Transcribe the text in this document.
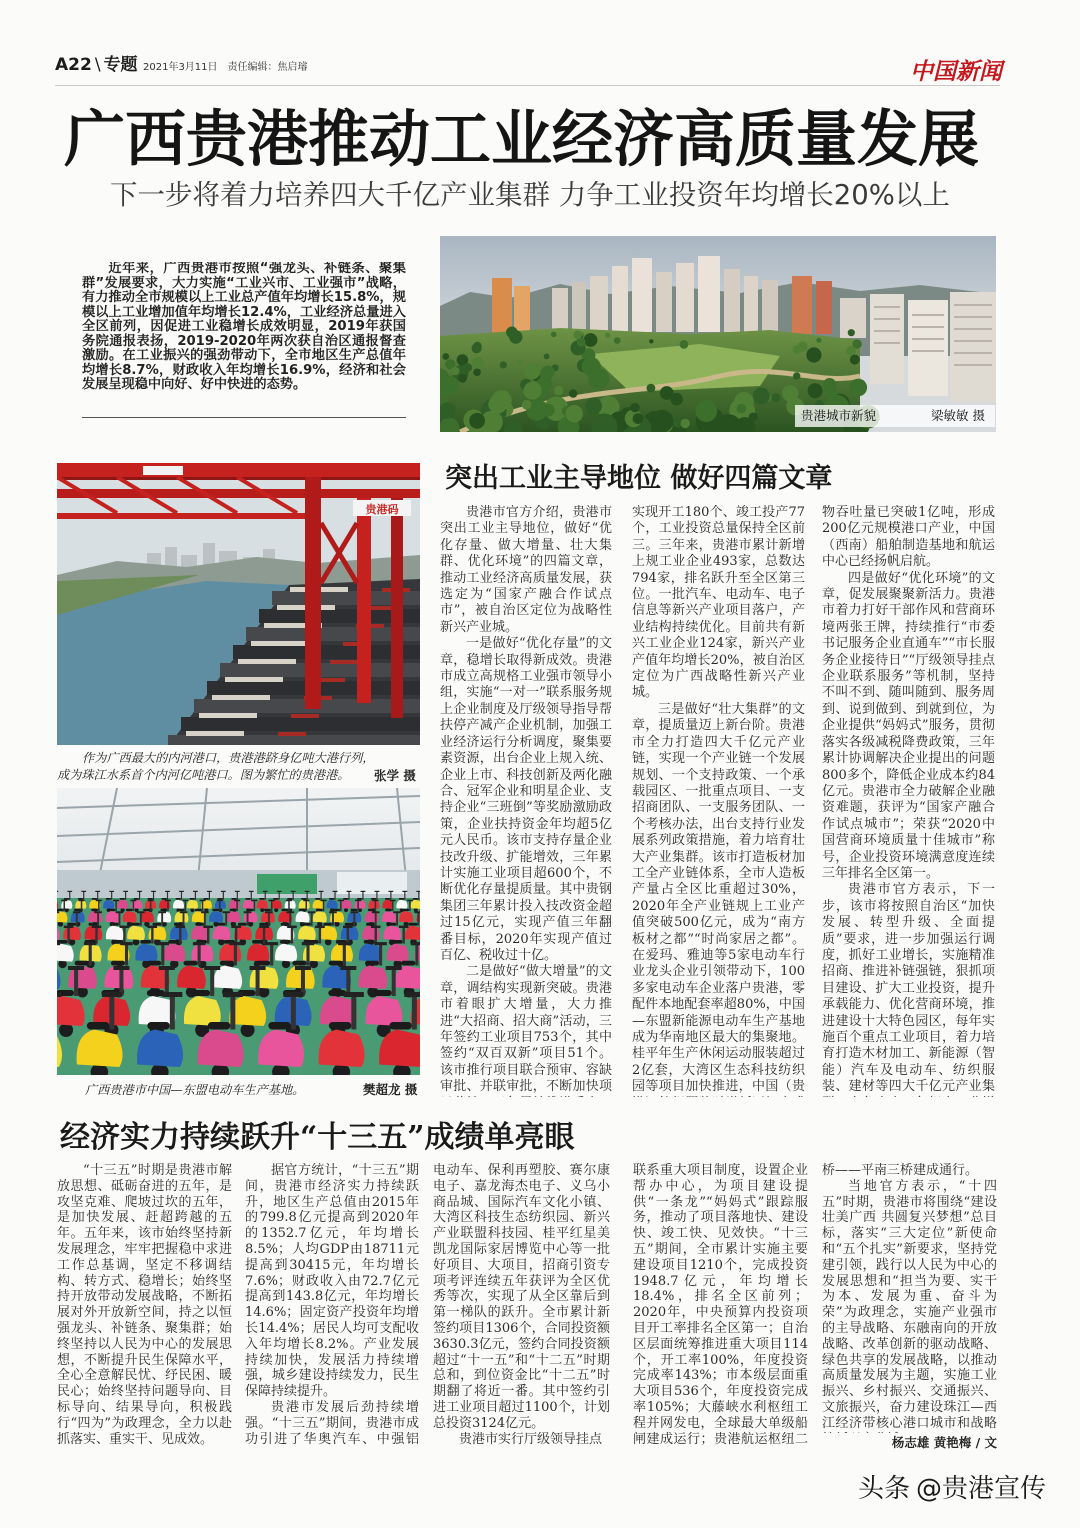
A22 \ 专题 2021年3月11日 责任编辑：焦启璿	中国新闻
广西贵港推动工业经济高质量发展
下一步将着力培养四大千亿产业集群 力争工业投资年均增长20%以上
近年来，广西贵港市按照“强龙头、补链条、聚集群”发展要求，大力实施“工业兴市、工业强市”战略，有力推动全市规模以上工业总产值年均增长15.8%，规模以上工业增加值年均增长12.4%，工业经济总量进入全区前列，因促进工业稳增长成效明显，2019年获国务院通报表扬，2019-2020年两次获自治区通报督查激励。在工业振兴的强劲带动下，全市地区生产总值年均增长8.7%，财政收入年均增长16.9%，经济和社会发展呈现稳中向好、好中快进的态势。
贵港城市新貌	梁敏敏 摄
贵港码
作为广西最大的内河港口，贵港港跻身亿吨大港行列，成为珠江水系首个内河亿吨港口。图为繁忙的贵港港。	张学 摄
广西贵港市中国—东盟电动车生产基地。	樊超龙 摄
突出工业主导地位 做好四篇文章

贵港市官方介绍，贵港市突出工业主导地位，做好“优化存量、做大增量、壮大集群、优化环境”的四篇文章，推动工业经济高质量发展，获选定为“国家产融合作试点市”，被自治区定位为战略性新兴产业城。

一是做好“优化存量”的文章，稳增长取得新成效。贵港市成立高规格工业强市领导小组，实施“一对一”联系服务规上企业制度及厅级领导指导帮扶停产减产企业机制，加强工业经济运行分析调度，聚集要素资源，出台企业上规入统、企业上市、科技创新及两化融合、冠军企业和明星企业、支持企业“三班倒”等奖励激励政策，企业扶持资金年均超5亿元人民币。该市支持存量企业技改升级、扩能增效，三年累计实施工业项目超600个，不断优化存量提质量。其中贵钢集团三年累计投入技改资金超过15亿元，实现产值三年翻番目标，2020年实现产值过百亿、税收过十亿。

二是做好“做大增量”的文章，调结构实现新突破。贵港市着眼扩大增量，大力推进“大招商、招大商”活动，三年签约工业项目753个，其中签约“双百双新”项目51个。该市推行项目联合预审、容缺审批、并联审批，不断加快项

实现开工180个、竣工投产77个，工业投资总量保持全区前三。三年来，贵港市累计新增上规工业企业493家，总数达794家，排名跃升至全区第三位。一批汽车、电动车、电子信息等新兴产业项目落户，产业结构持续优化。目前共有新兴工业企业124家，新兴产业产值年均增长20%，被自治区定位为广西战略性新兴产业城。

三是做好“壮大集群”的文章，提质量迈上新台阶。贵港市全力打造四大千亿元产业链，实现一个产业链一个发展规划、一个支持政策、一个承载园区、一批重点项目、一支招商团队、一支服务团队、一个考核办法，出台支持行业发展系列政策措施，着力培育壮大产业集群。该市打造板材加工全产业链体系，全市人造板产量占全区比重超过30%，2020年全产业链规上工业产值突破500亿元，成为“南方板材之都”“时尚家居之都”。在爱玛、雅迪等5家电动车行业龙头企业引领带动下，100多家电动车企业落户贵港，零配件本地配套率超80%，中国—东盟新能源电动车生产基地成为华南地区最大的集聚地。桂平年生产休闲运动服装超过2亿套，大湾区生态科技纺织园等项目加快推进，中国（贵

物吞吐量已突破1亿吨，形成200亿元规模港口产业，中国（西南）船舶制造基地和航运中心已经扬帆启航。

四是做好“优化环境”的文章，促发展聚聚新活力。贵港市着力打好干部作风和营商环境两张王牌，持续推行“市委书记服务企业直通车”“市长服务企业接待日”“厅级领导挂点企业联系服务”等机制，坚持不叫不到、随叫随到、服务周到、说到做到、到就到位，为企业提供“妈妈式”服务，贯彻落实各级减税降费政策，三年累计协调解决企业提出的问题800多个，降低企业成本约84亿元。贵港市全力破解企业融资难题，获评为“国家产融合作试点城市”；荣获“2020中国营商环境质量十佳城市”称号，企业投资环境满意度连续三年排名全区第一。

贵港市官方表示，下一步，该市将按照自治区“加快发展、转型升级、全面提质”要求，进一步加强运行调度，抓好工业增长，实施精准招商、推进补链强链，狠抓项目建设、扩大工业投资，提升承载能力、优化营商环境，推进建设十大特色园区，每年实施百个重点工业项目，着力培育打造木材加工、新能源（智能）汽车及电动车、纺织服装、建材等四大千亿元产业集

经济实力持续跃升“十三五”成绩单亮眼

“十三五”时期是贵港市解放思想、砥砺奋进的五年，是攻坚克难、爬坡过坎的五年，是加快发展、赶超跨越的五年。五年来，该市始终坚持新发展理念，牢牢把握稳中求进工作总基调，坚定不移调结构、转方式、稳增长；始终坚持开放带动发展战略，不断拓展对外开放新空间，持之以恒强龙头、补链条、聚集群；始终坚持以人民为中心的发展思想，不断提升民生保障水平，全心全意解民忧、纾民困、暖民心；始终坚持问题导向、目标导向、结果导向，积极践行“四为”为政理念，全力以赴抓落实、重实干、见成效。

据官方统计，“十三五”期间，贵港市经济实力持续跃升，地区生产总值由2015年的799.8亿元提高到2020年的1352.7亿元，年均增长8.5%；人均GDP由18711元提高到30415元，年均增长7.6%；财政收入由72.7亿元提高到143.8亿元，年均增长14.6%；固定资产投资年均增长14.4%；居民人均可支配收入年均增长8.2%。产业发展持续加快，发展活力持续增强，城乡建设持续发力，民生保障持续提升。

贵港市发展后劲持续增强。“十三五”期间，贵港市成功引进了华奥汽车、中强铝

电动车、保利再塑胶、赛尔康电子、嘉龙海杰电子、义乌小商品城、国际汽车文化小镇、大湾区科技生态纺织园、新兴产业联盟科技园、桂平红星美凯龙国际家居博览中心等一批好项目、大项目，招商引资专项考评连续五年获评为全区优秀等次，实现了从全区靠后到第一梯队的跃升。全市累计新签约项目1306个，合同投资额3630.3亿元，签约合同投资额超过“十一五”和“十二五”时期总和，到位资金比“十二五”时期翻了将近一番。其中签约引进工业项目超过1100个，计划总投资3124亿元。

贵港市实行厅级领导挂点

联系重大项目制度，设置企业帮办中心，为项目建设提供“一条龙”“妈妈式”跟踪服务，推动了项目落地快、建设快、竣工快、见效快。“十三五”期间，全市累计实施主要建设项目1210个，完成投资1948.7亿元，年均增长18.4%，排名全区前列；2020年，中央预算内投资项目开工率排名全区第一；自治区层面统筹推进重大项目114个，开工率100%，年度投资完成率143%；市本级层面重大项目536个，年度投资完成率105%；大藤峡水利枢纽工程并网发电，全球最大单级船闸建成运行；贵港航运枢纽二

桥——平南三桥建成通行。

当地官方表示，“十四五”时期，贵港市将围绕“建设壮美广西 共圆复兴梦想”总目标，落实“三大定位”新使命和“五个扎实”新要求，坚持党建引领，践行以人民为中心的发展思想和“担当为要、实干为本、发展为重、奋斗为荣”为政理念，实施产业强市的主导战略、东融南向的开放战略、改革创新的驱动战略、绿色共享的发展战略，以推动高质量发展为主题，实施工业振兴、乡村振兴、交通振兴、文旅振兴，奋力建设珠江—西江经济带核心港口城市和战略

杨志雄 黄艳梅 / 文
头条 @贵港宣传
